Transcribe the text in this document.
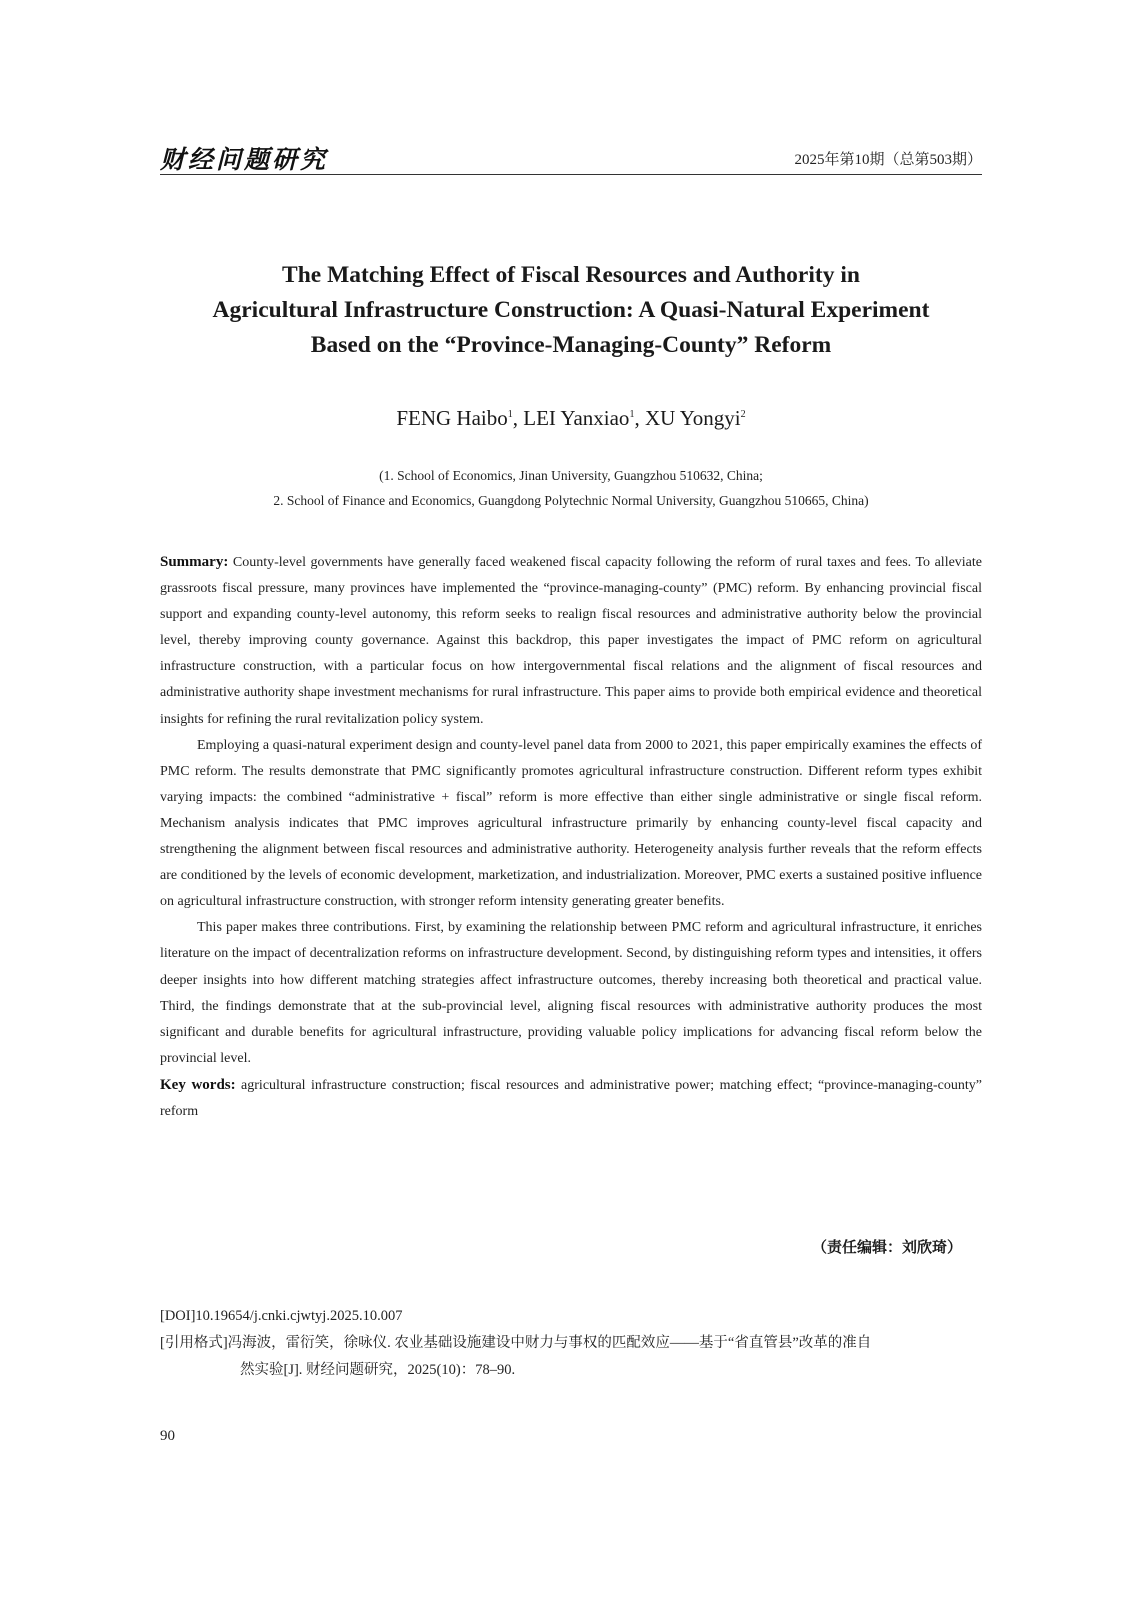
财经问题研究	2025年第10期（总第503期）
The Matching Effect of Fiscal Resources and Authority in
Agricultural Infrastructure Construction: A Quasi-Natural Experiment
Based on the “Province-Managing-County” Reform
FENG Haibo$^1$, LEI Yanxiao$^1$, XU Yongyi$^2$
(1. School of Economics, Jinan University, Guangzhou 510632, China;
2. School of Finance and Economics, Guangdong Polytechnic Normal University, Guangzhou 510665, China)

Summary: County-level governments have generally faced weakened fiscal capacity following the reform of rural taxes and fees. To alleviate grassroots fiscal pressure, many provinces have implemented the “province-managing-county” (PMC) reform. By enhancing provincial fiscal support and expanding county-level autonomy, this reform seeks to realign fiscal resources and administrative authority below the provincial level, thereby improving county governance. Against this backdrop, this paper investigates the impact of PMC reform on agricultural infrastructure construction, with a particular focus on how intergovernmental fiscal relations and the alignment of fiscal resources and administrative authority shape investment mechanisms for rural infrastructure. This paper aims to provide both empirical evidence and theoretical insights for refining the rural revitalization policy system.

Employing a quasi-natural experiment design and county-level panel data from 2000 to 2021, this paper empirically examines the effects of PMC reform. The results demonstrate that PMC significantly promotes agricultural infrastructure construction. Different reform types exhibit varying impacts: the combined “administrative + fiscal” reform is more effective than either single administrative or single fiscal reform. Mechanism analysis indicates that PMC improves agricultural infrastructure primarily by enhancing county-level fiscal capacity and strengthening the alignment between fiscal resources and administrative authority. Heterogeneity analysis further reveals that the reform effects are conditioned by the levels of economic development, marketization, and industrialization. Moreover, PMC exerts a sustained positive influence on agricultural infrastructure construction, with stronger reform intensity generating greater benefits.

This paper makes three contributions. First, by examining the relationship between PMC reform and agricultural infrastructure, it enriches literature on the impact of decentralization reforms on infrastructure development. Second, by distinguishing reform types and intensities, it offers deeper insights into how different matching strategies affect infrastructure outcomes, thereby increasing both theoretical and practical value. Third, the findings demonstrate that at the sub-provincial level, aligning fiscal resources with administrative authority produces the most significant and durable benefits for agricultural infrastructure, providing valuable policy implications for advancing fiscal reform below the provincial level.

Key words: agricultural infrastructure construction; fiscal resources and administrative power; matching effect; “province-managing-county” reform

（责任编辑：刘欣琦）
[DOI]10.19654/j.cnki.cjwtyj.2025.10.007
[引用格式]冯海波，雷衍笑，徐咏仪. 农业基础设施建设中财力与事权的匹配效应——基于“省直管县”改革的准自
然实验[J]. 财经问题研究，2025(10)：78–90.
90
